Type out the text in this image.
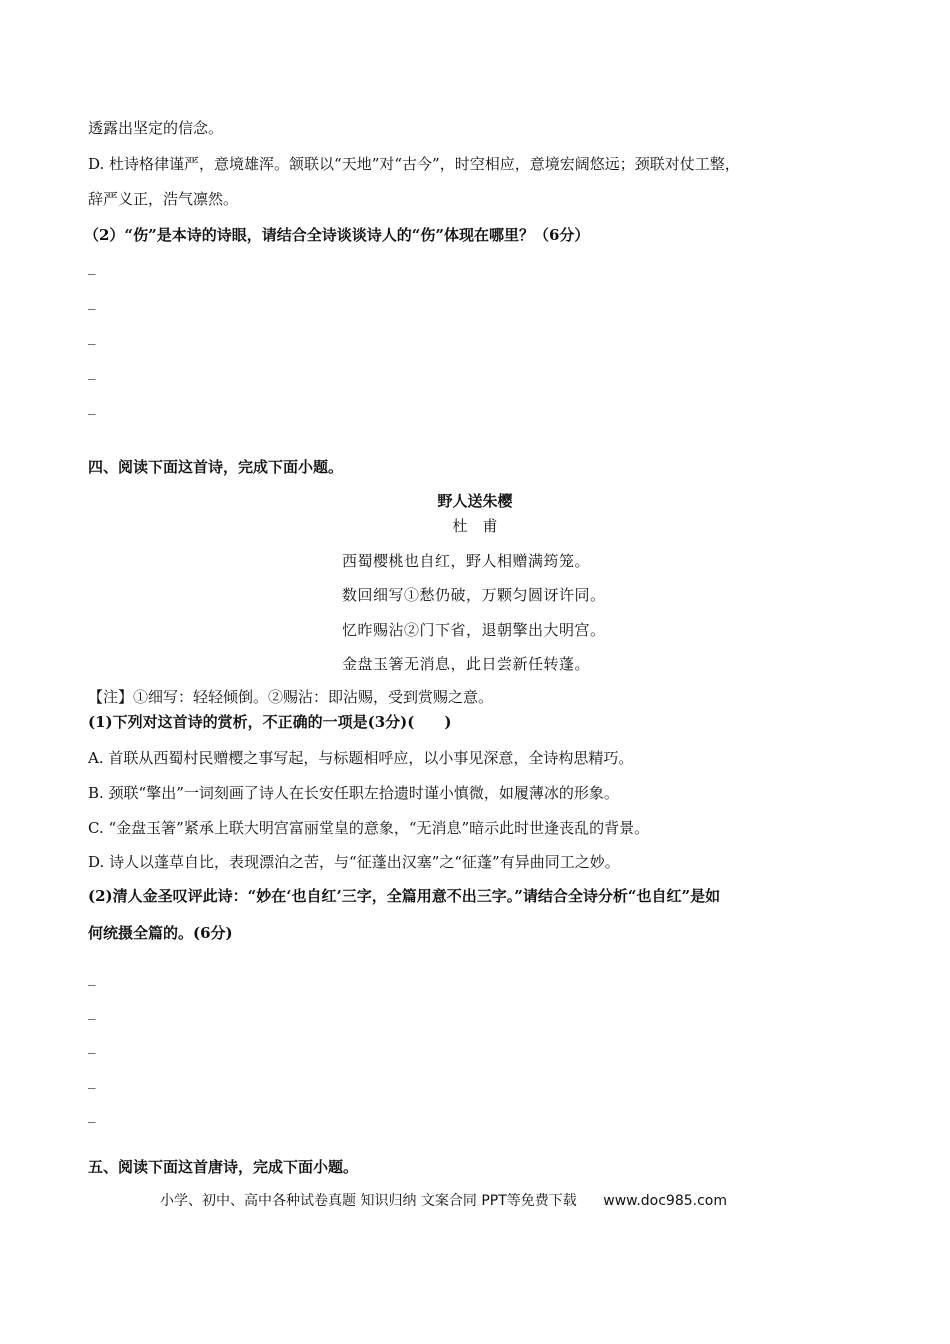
透露出坚定的信念。
D. 杜诗格律谨严，意境雄浑。颔联以“天地”对“古今”，时空相应，意境宏阔悠远；颈联对仗工整，
辞严义正，浩气凛然。
（2）“伤”是本诗的诗眼，请结合全诗谈谈诗人的“伤”体现在哪里？（6分）
_
_
_
_
_
四、阅读下面这首诗，完成下面小题。
野人送朱樱
杜　甫
西蜀樱桃也自红，野人相赠满筠笼。
数回细写①愁仍破，万颗匀圆讶许同。
忆昨赐沾②门下省，退朝擎出大明宫。
金盘玉箸无消息，此日尝新任转蓬。
【注】①细写：轻轻倾倒。②赐沾：即沾赐，受到赏赐之意。
(1)下列对这首诗的赏析，不正确的一项是(3分)(　　)
A. 首联从西蜀村民赠樱之事写起，与标题相呼应，以小事见深意，全诗构思精巧。
B. 颈联“擎出”一词刻画了诗人在长安任职左拾遗时谨小慎微，如履薄冰的形象。
C. “金盘玉箸”紧承上联大明宫富丽堂皇的意象，“无消息”暗示此时世逢丧乱的背景。
D. 诗人以蓬草自比，表现漂泊之苦，与“征蓬出汉塞”之“征蓬”有异曲同工之妙。
(2)清人金圣叹评此诗：“妙在‘也自红’三字，全篇用意不出三字。”请结合全诗分析“也自红”是如
何统摄全篇的。(6分)
_
_
_
_
_
五、阅读下面这首唐诗，完成下面小题。
小学、初中、高中各种试卷真题 知识归纳 文案合同 PPT等免费下载 www.doc985.com
